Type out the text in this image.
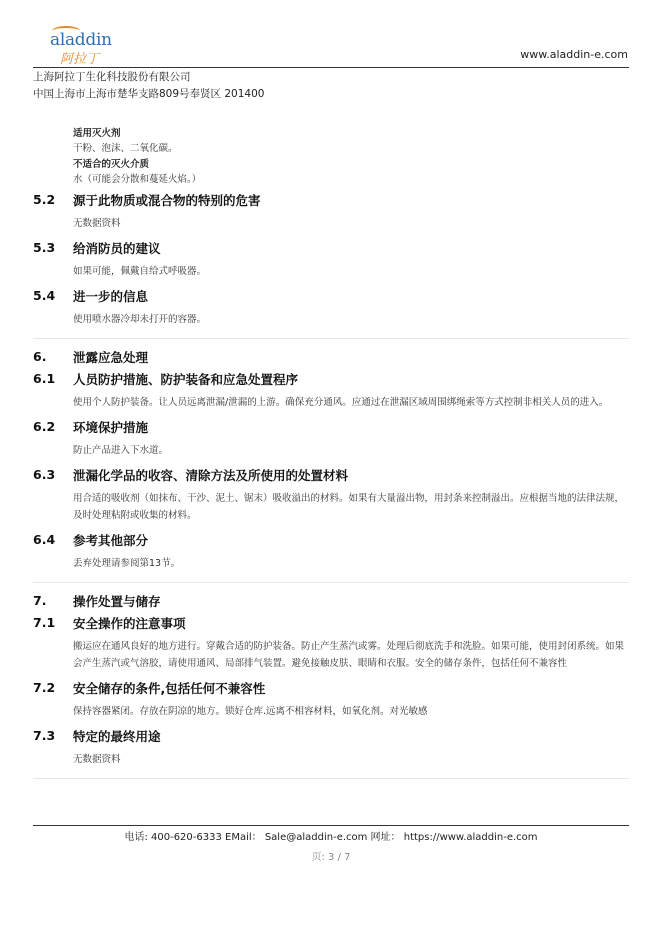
aladdin
阿拉丁	www.aladdin-e.com
上海阿拉丁生化科技股份有限公司
中国上海市上海市楚华支路809号奉贤区 201400
适用灭火剂
干粉、泡沫、二氧化碳。
不适合的灭火介质
水（可能会分散和蔓延火焰。）
5.2 源于此物质或混合物的特别的危害
无数据资料
5.3 给消防员的建议
如果可能，佩戴自给式呼吸器。
5.4 进一步的信息
使用喷水器冷却未打开的容器。
6. 泄露应急处理
6.1 人员防护措施、防护装备和应急处置程序
使用个人防护装备。让人员远离泄漏/泄漏的上游。确保充分通风。应通过在泄漏区域周围绑绳索等方式控制非相关人员的进入。
6.2 环境保护措施
防止产品进入下水道。
6.3 泄漏化学品的收容、清除方法及所使用的处置材料
用合适的吸收剂（如抹布、干沙、泥土、锯末）吸收溢出的材料。如果有大量溢出物，用封条来控制溢出。应根据当地的法律法规，及时处理粘附或收集的材料。
6.4 参考其他部分
丢弃处理请参阅第13节。
7. 操作处置与储存
7.1 安全操作的注意事项
搬运应在通风良好的地方进行。穿戴合适的防护装备。防止产生蒸汽或雾。处理后彻底洗手和洗脸。如果可能，使用封闭系统。如果会产生蒸汽或气溶胶，请使用通风、局部排气装置。避免接触皮肤、眼睛和衣服。安全的储存条件，包括任何不兼容性
7.2 安全储存的条件,包括任何不兼容性
保持容器紧闭。存放在阴凉的地方。锁好仓库.远离不相容材料，如氧化剂。对光敏感
7.3 特定的最终用途
无数据资料
电话: 400-620-6333 EMail： Sale@aladdin-e.com 网址： https://www.aladdin-e.com
页: 3 / 7
